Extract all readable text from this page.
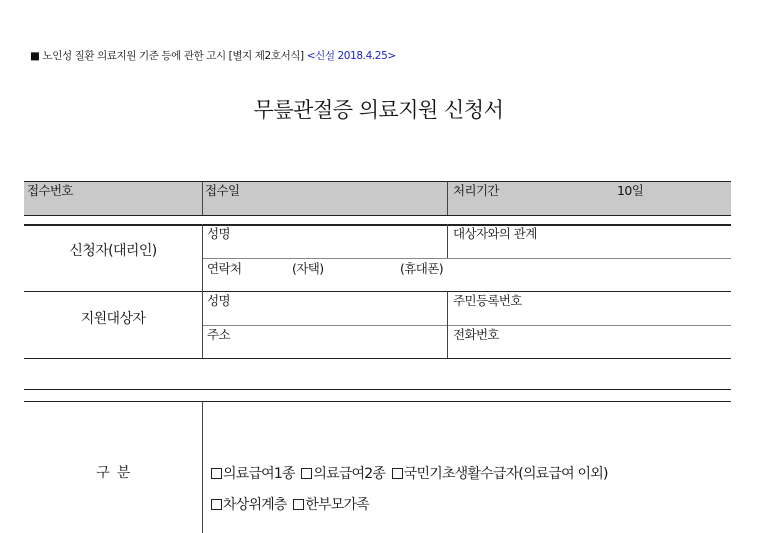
■ 노인성 질환 의료지원 기준 등에 관한 고시 [별지 제2호서식] <신설 2018.4.25>
무릎관절증 의료지원 신청서
접수번호	접수일	처리기간	10일
신청자(대리인)
성명	대상자와의 관계
연락처	(자택)	(휴대폰)
지원대상자
성명	주민등록번호
주소	전화번호
구  분	의료급여1종 의료급여2종 국민기초생활수급자(의료급여 이외)
차상위계층 한부모가족
